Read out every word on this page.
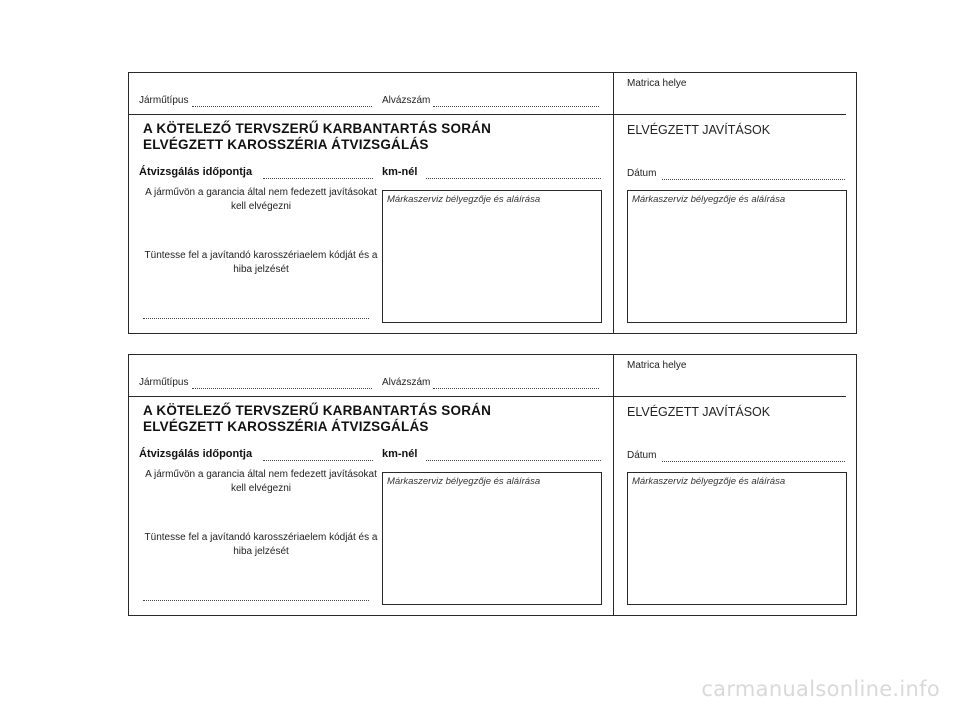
Járműtípus	Alvázszám
Matrica helye
A KÖTELEZŐ TERVSZERŰ KARBANTARTÁS SORÁN
ELVÉGZETT KAROSSZÉRIA ÁTVIZSGÁLÁS
Átvizsgálás időpontja	km-nél
A járművön a garancia által nem fedezett javításokat kell elvégezni
Tüntesse fel a javítandó karosszériaelem kódját és a hiba jelzését
Márkaszerviz bélyegzője és aláírása
ELVÉGZETT JAVÍTÁSOK
Dátum
Márkaszerviz bélyegzője és aláírása
Járműtípus	Alvázszám
Matrica helye
A KÖTELEZŐ TERVSZERŰ KARBANTARTÁS SORÁN
ELVÉGZETT KAROSSZÉRIA ÁTVIZSGÁLÁS
Átvizsgálás időpontja	km-nél
A járművön a garancia által nem fedezett javításokat kell elvégezni
Tüntesse fel a javítandó karosszériaelem kódját és a hiba jelzését
Márkaszerviz bélyegzője és aláírása
ELVÉGZETT JAVÍTÁSOK
Dátum
Márkaszerviz bélyegzője és aláírása
carmanualsonline.info
